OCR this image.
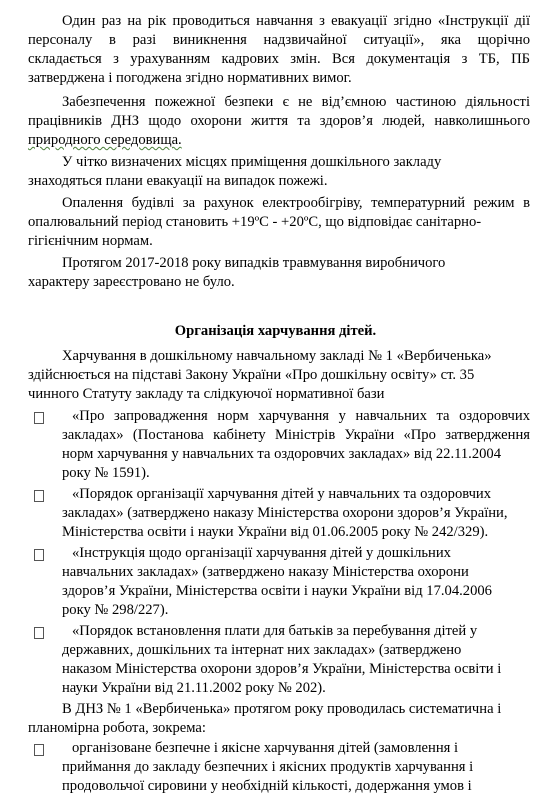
Один раз на рік проводиться навчання з евакуації згідно «Інструкції дії
персоналу в разі виникнення надзвичайної ситуації», яка щорічно
складається з урахуванням кадрових змін. Вся документація з ТБ, ПБ
затверджена і погоджена згідно нормативних вимог.
Забезпечення пожежної безпеки є не від’ємною частиною діяльності
працівників ДНЗ щодо охорони життя та здоров’я людей, навколишнього
природного середовища.
У чітко визначених місцях приміщення дошкільного закладу
знаходяться плани евакуації на випадок пожежі.
Опалення будівлі за рахунок електрообігріву, температурний режим в
опалювальний період становить +19ºС - +20ºС, що відповідає санітарно-
гігієнічним нормам.
Протягом 2017-2018 року випадків травмування виробничого
характеру зареєстровано не було.

Організація харчування дітей.

Харчування в дошкільному навчальному закладі № 1 «Вербиченька»
здійснюється на підставі Закону України «Про дошкільну освіту» ст. 35
чинного Статуту закладу та слідкуючої нормативної бази
«Про запровадження норм харчування у навчальних та оздоровчих
закладах» (Постанова кабінету Міністрів України «Про затвердження
норм харчування у навчальних та оздоровчих закладах» від 22.11.2004
року № 1591).
«Порядок організації харчування дітей у навчальних та оздоровчих
закладах» (затверджено наказу Міністерства охорони здоров’я України,
Міністерства освіти і науки України від 01.06.2005 року № 242/329).
«Інструкція щодо організації харчування дітей у дошкільних
навчальних закладах» (затверджено наказу Міністерства охорони
здоров’я України, Міністерства освіти і науки України від 17.04.2006
року № 298/227).
«Порядок встановлення плати для батьків за перебування дітей у
державних, дошкільних та інтернат них закладах» (затверджено
наказом Міністерства охорони здоров’я України, Міністерства освіти і
науки України від 21.11.2002 року № 202).
В ДНЗ № 1 «Вербиченька» протягом року проводилась систематична і
планомірна робота, зокрема:
організоване безпечне і якісне харчування дітей (замовлення і
приймання до закладу безпечних і якісних продуктів харчування і
продовольчої сировини у необхідній кількості, додержання умов і
